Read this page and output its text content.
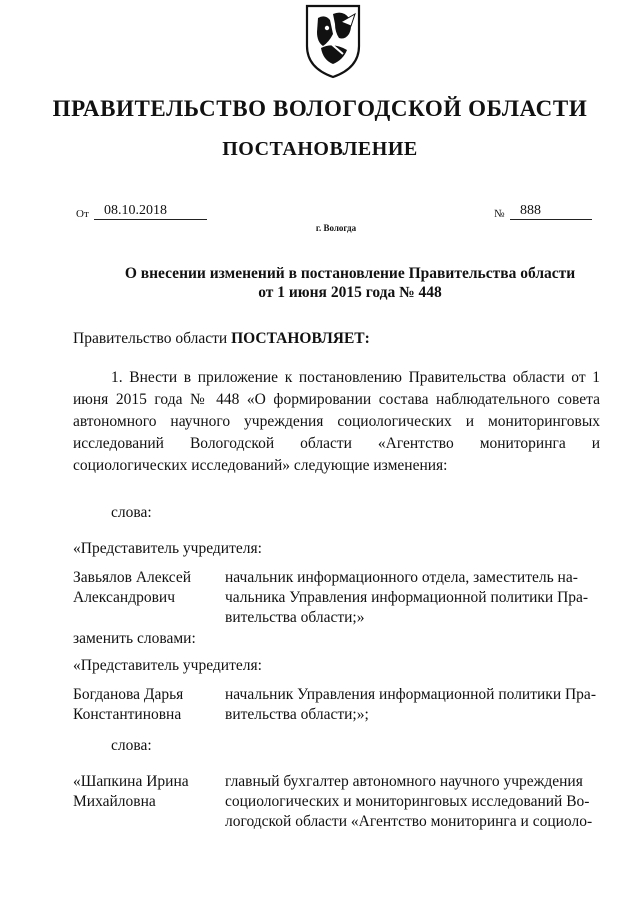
ПРАВИТЕЛЬСТВО ВОЛОГОДСКОЙ ОБЛАСТИ
ПОСТАНОВЛЕНИЕ
От 08.10.2018	№ 888
г. Вологда
О внесении изменений в постановление Правительства области
от 1 июня 2015 года № 448
Правительство области ПОСТАНОВЛЯЕТ:
1. Внести в приложение к постановлению Правительства области от 1 июня 2015 года № 448 «О формировании состава наблюдательного совета автономного научного учреждения социологических и мониторинговых исследований Вологодской области «Агентство мониторинга и социологических исследований» следующие изменения:
слова:
«Представитель учредителя:
Завьялов Алексей
Александрович
начальник информационного отдела, заместитель на-
чальника Управления информационной политики Пра-
вительства области;»
заменить словами:
«Представитель учредителя:
Богданова Дарья
Константиновна
начальник Управления информационной политики Пра-
вительства области;»;
слова:
«Шапкина Ирина
Михайловна
главный бухгалтер автономного научного учреждения
социологических и мониторинговых исследований Во-
логодской области «Агентство мониторинга и социоло-
